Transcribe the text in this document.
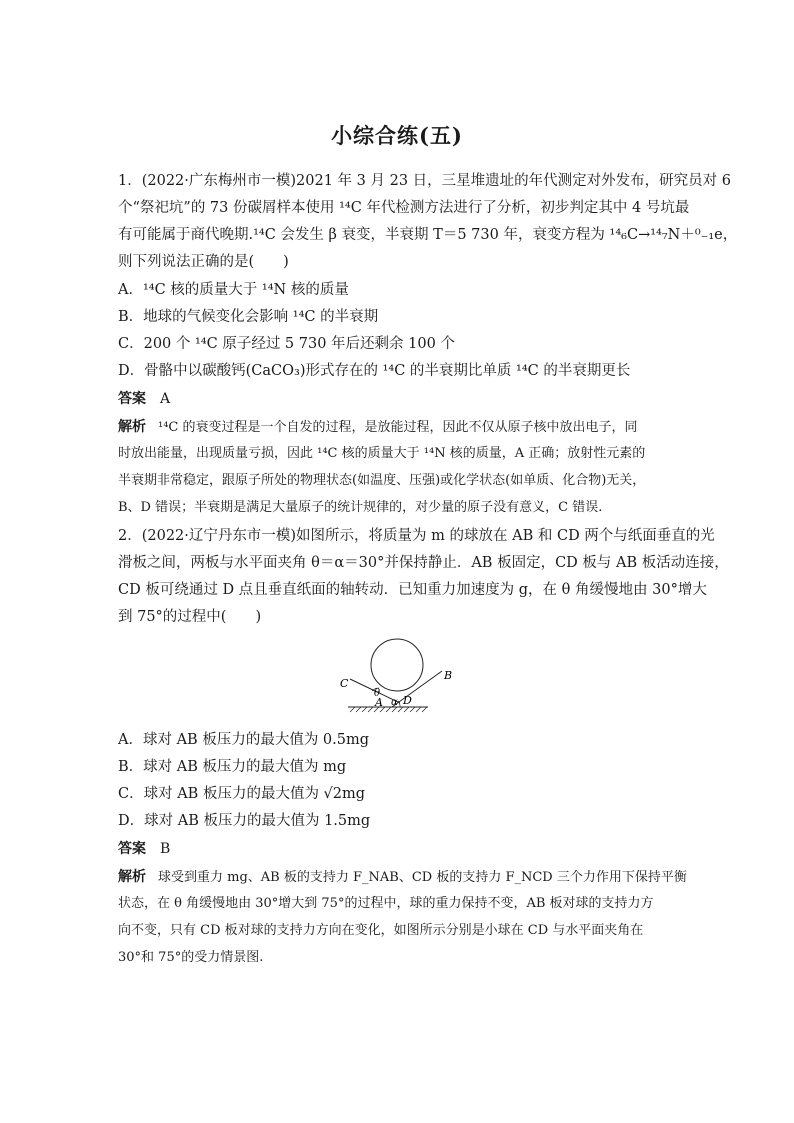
小综合练(五)
1．(2022·广东梅州市一模)2021 年 3 月 23 日，三星堆遗址的年代测定对外发布，研究员对 6
个“祭祀坑”的 73 份碳屑样本使用 ¹⁴C 年代检测方法进行了分析，初步判定其中 4 号坑最
有可能属于商代晚期.¹⁴C 会发生 β 衰变，半衰期 T＝5 730 年，衰变方程为 ¹⁴₆C→¹⁴₇N＋⁰₋₁e，
则下列说法正确的是(　　)
A．¹⁴C 核的质量大于 ¹⁴N 核的质量
B．地球的气候变化会影响 ¹⁴C 的半衰期
C．200 个 ¹⁴C 原子经过 5 730 年后还剩余 100 个
D．骨骼中以碳酸钙(CaCO₃)形式存在的 ¹⁴C 的半衰期比单质 ¹⁴C 的半衰期更长
答案 A
解析 ¹⁴C 的衰变过程是一个自发的过程，是放能过程，因此不仅从原子核中放出电子，同
时放出能量，出现质量亏损，因此 ¹⁴C 核的质量大于 ¹⁴N 核的质量，A 正确；放射性元素的
半衰期非常稳定，跟原子所处的物理状态(如温度、压强)或化学状态(如单质、化合物)无关，
B、D 错误；半衰期是满足大量原子的统计规律的，对少量的原子没有意义，C 错误.
2．(2022·辽宁丹东市一模)如图所示，将质量为 m 的球放在 AB 和 CD 两个与纸面垂直的光
滑板之间，两板与水平面夹角 θ＝α＝30°并保持静止．AB 板固定，CD 板与 AB 板活动连接，
CD 板可绕通过 D 点且垂直纸面的轴转动．已知重力加速度为 g，在 θ 角缓慢地由 30°增大
到 75°的过程中(　　)
C
B
A D
θ
α
A．球对 AB 板压力的最大值为 0.5mg
B．球对 AB 板压力的最大值为 mg
C．球对 AB 板压力的最大值为 √2mg
D．球对 AB 板压力的最大值为 1.5mg
答案 B
解析 球受到重力 mg、AB 板的支持力 F_NAB、CD 板的支持力 F_NCD 三个力作用下保持平衡
状态，在 θ 角缓慢地由 30°增大到 75°的过程中，球的重力保持不变，AB 板对球的支持力方
向不变，只有 CD 板对球的支持力方向在变化，如图所示分别是小球在 CD 与水平面夹角在
30°和 75°的受力情景图.
